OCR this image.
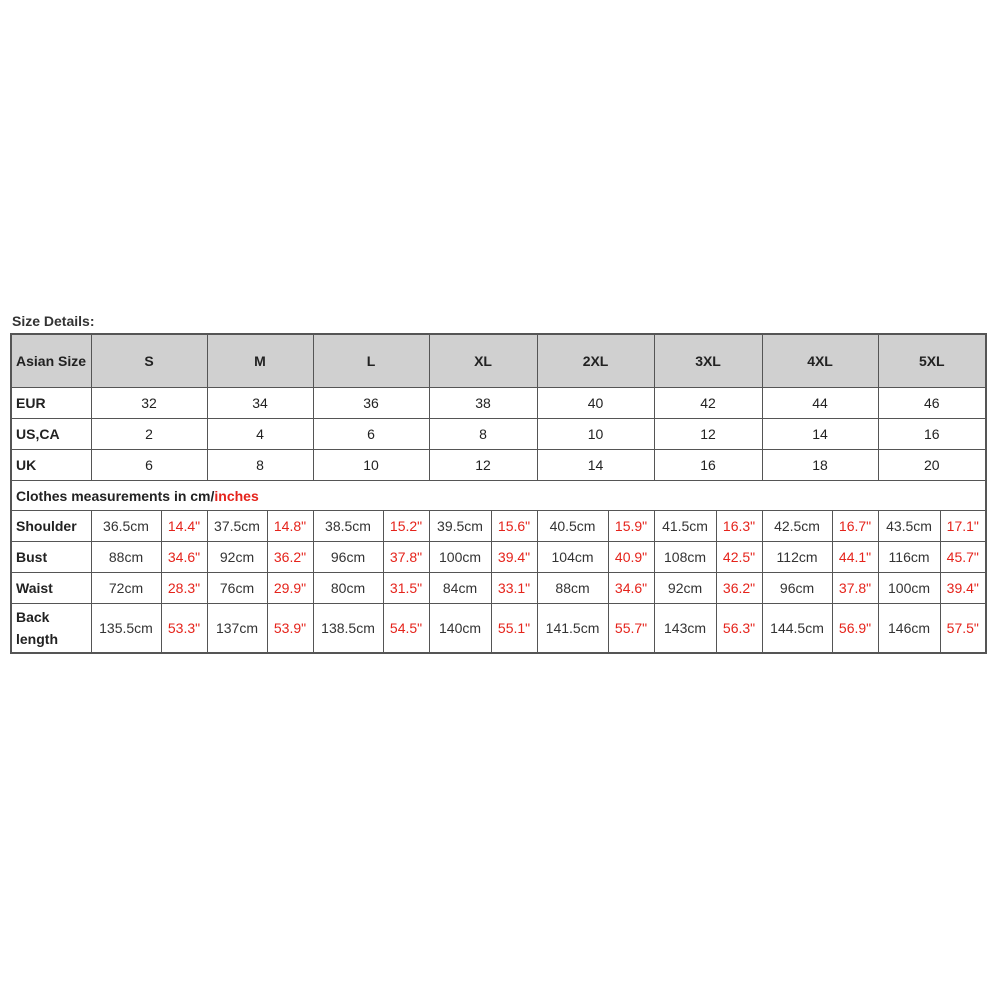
Size Details:
Asian Size	S		M		L		XL		2XL		3XL		4XL		5XL	
EUR	32		34		36		38		40		42		44		46	
US,CA	2		4		6		8		10		12		14		16	
UK	6		8		10		12		14		16		18		20	
Clothes measurements in cm/inches																
Shoulder	36.5cm	14.4"	37.5cm	14.8"	38.5cm	15.2"	39.5cm	15.6"	40.5cm	15.9"	41.5cm	16.3"	42.5cm	16.7"	43.5cm	17.1"
Bust	88cm	34.6"	92cm	36.2"	96cm	37.8"	100cm	39.4"	104cm	40.9"	108cm	42.5"	112cm	44.1"	116cm	45.7"
Waist	72cm	28.3"	76cm	29.9"	80cm	31.5"	84cm	33.1"	88cm	34.6"	92cm	36.2"	96cm	37.8"	100cm	39.4"
Back length	135.5cm	53.3"	137cm	53.9"	138.5cm	54.5"	140cm	55.1"	141.5cm	55.7"	143cm	56.3"	144.5cm	56.9"	146cm	57.5"
